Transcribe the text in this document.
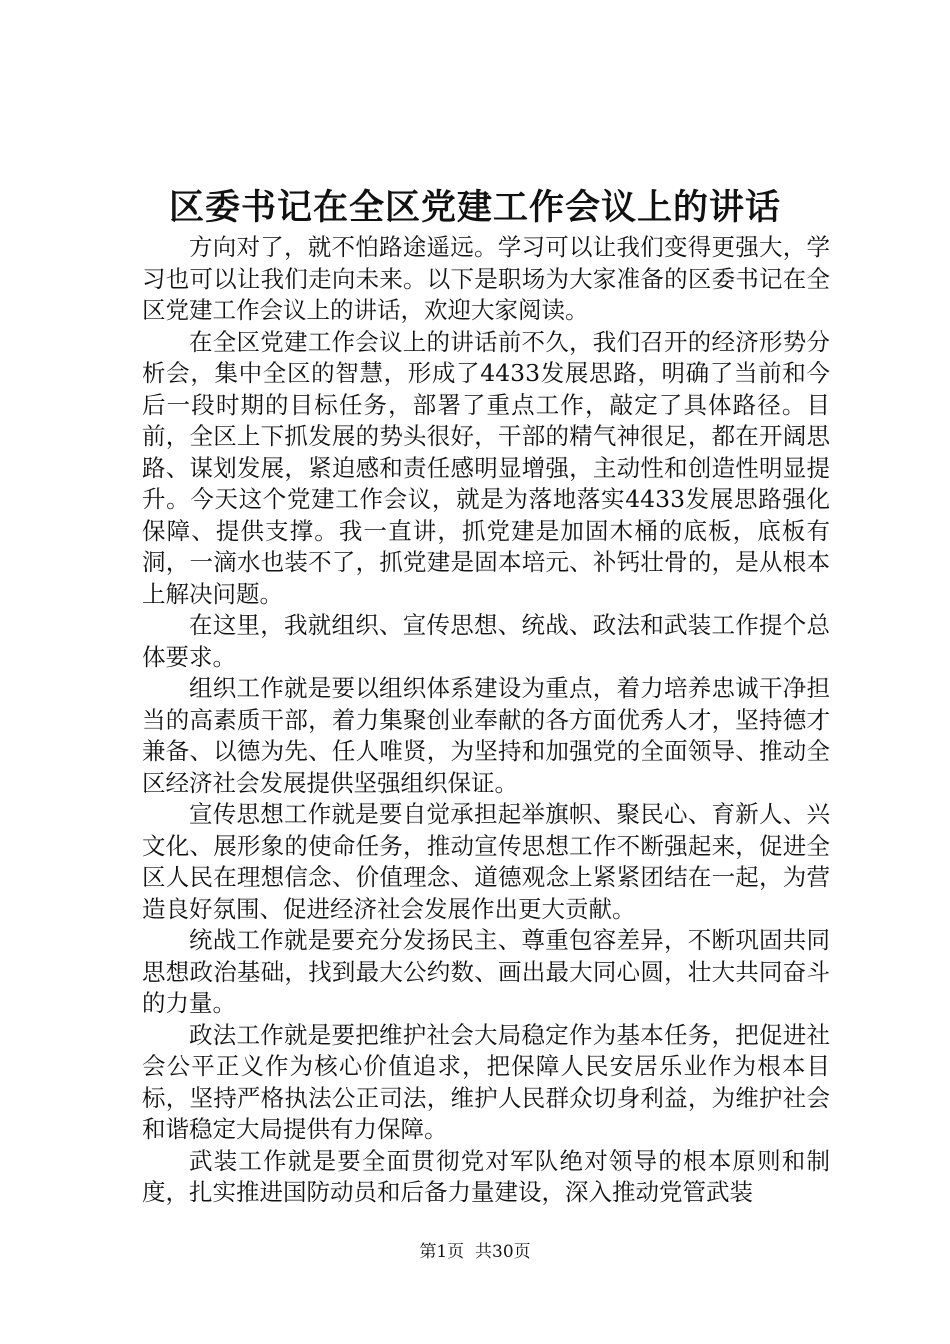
区委书记在全区党建工作会议上的讲话

方向对了，就不怕路途遥远。学习可以让我们变得更强大，学习也可以让我们走向未来。以下是职场为大家准备的区委书记在全区党建工作会议上的讲话，欢迎大家阅读。

在全区党建工作会议上的讲话前不久，我们召开的经济形势分析会，集中全区的智慧，形成了4433发展思路，明确了当前和今后一段时期的目标任务，部署了重点工作，敲定了具体路径。目前，全区上下抓发展的势头很好，干部的精气神很足，都在开阔思路、谋划发展，紧迫感和责任感明显增强，主动性和创造性明显提升。今天这个党建工作会议，就是为落地落实4433发展思路强化保障、提供支撑。我一直讲，抓党建是加固木桶的底板，底板有洞，一滴水也装不了，抓党建是固本培元、补钙壮骨的，是从根本上解决问题。

在这里，我就组织、宣传思想、统战、政法和武装工作提个总体要求。

组织工作就是要以组织体系建设为重点，着力培养忠诚干净担当的高素质干部，着力集聚创业奉献的各方面优秀人才，坚持德才兼备、以德为先、任人唯贤，为坚持和加强党的全面领导、推动全区经济社会发展提供坚强组织保证。

宣传思想工作就是要自觉承担起举旗帜、聚民心、育新人、兴文化、展形象的使命任务，推动宣传思想工作不断强起来，促进全区人民在理想信念、价值理念、道德观念上紧紧团结在一起，为营造良好氛围、促进经济社会发展作出更大贡献。

统战工作就是要充分发扬民主、尊重包容差异，不断巩固共同思想政治基础，找到最大公约数、画出最大同心圆，壮大共同奋斗的力量。

政法工作就是要把维护社会大局稳定作为基本任务，把促进社会公平正义作为核心价值追求，把保障人民安居乐业作为根本目标，坚持严格执法公正司法，维护人民群众切身利益，为维护社会和谐稳定大局提供有力保障。

武装工作就是要全面贯彻党对军队绝对领导的根本原则和制度，扎实推进国防动员和后备力量建设，深入推动党管武装

第1页 共30页
